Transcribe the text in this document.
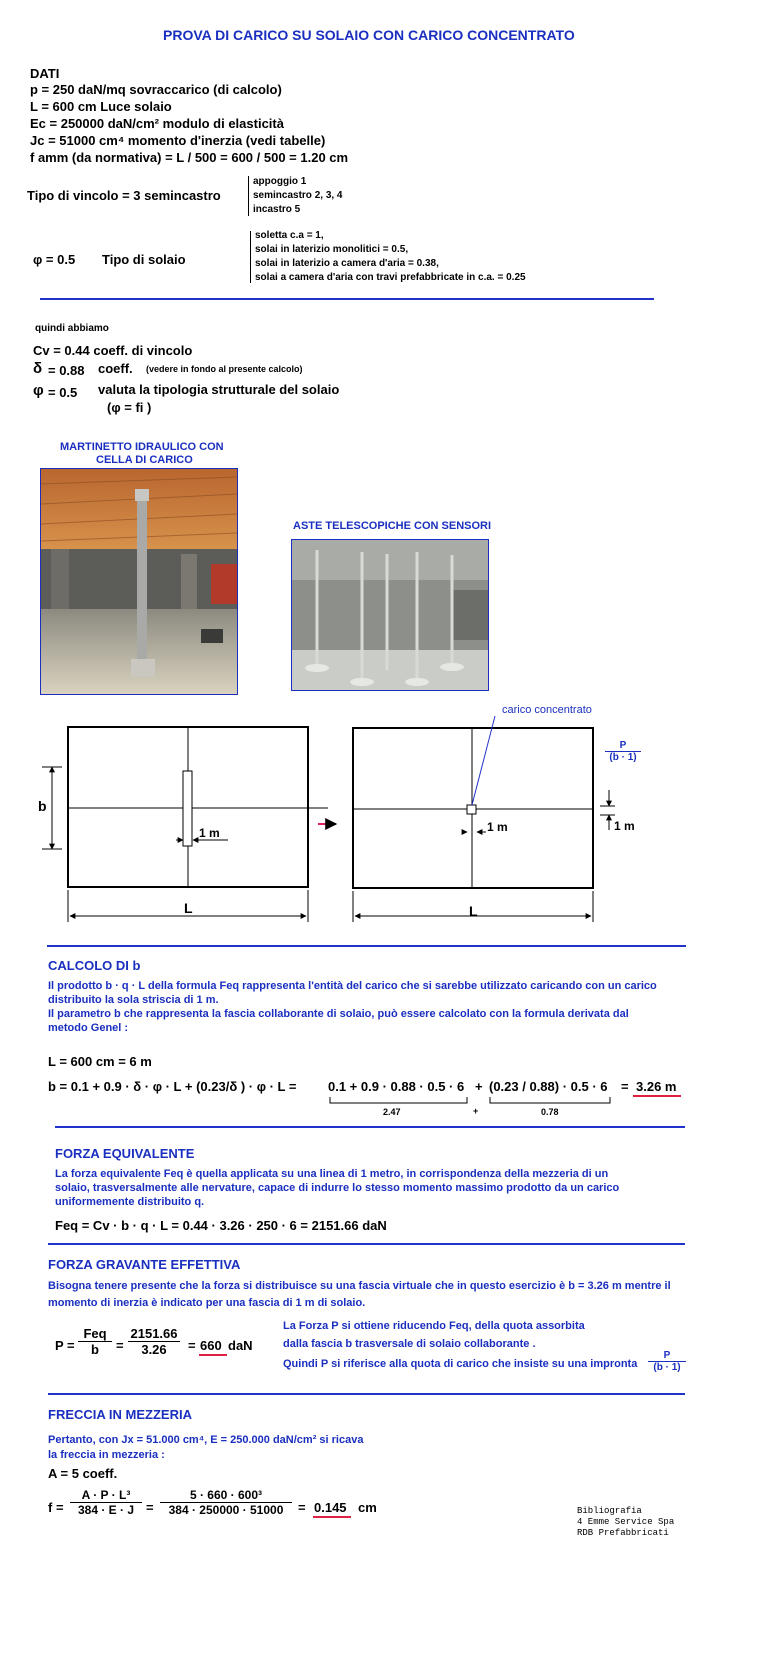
PROVA DI CARICO SU SOLAIO CON CARICO CONCENTRATO
DATI
p = 250 daN/mq sovraccarico (di calcolo)
L = 600 cm Luce solaio
Ec = 250000 daN/cm² modulo di elasticità
Jc = 51000 cm⁴ momento d'inerzia (vedi tabelle)
f amm (da normativa) = L / 500 = 600 / 500 = 1.20 cm
Tipo di vincolo = 3 semincastro
appoggio 1
semincastro 2, 3, 4
incastro 5
φ = 0.5 Tipo di solaio
soletta c.a = 1,
solai in laterizio monolitici = 0.5,
solai in laterizio a camera d'aria = 0.38,
solai a camera d'aria con travi prefabbricate in c.a. = 0.25
quindi abbiamo
Cv = 0.44 coeff. di vincolo
δ = 0.88 coeff. (vedere in fondo al presente calcolo)
φ = 0.5 valuta la tipologia strutturale del solaio
(φ = fi )
MARTINETTO IDRAULICO CON
CELLA DI CARICO
ASTE TELESCOPICHE CON SENSORI
b
1 m
L
carico concentrato
1 m
L
$\frac{P}{(b \cdot 1)}$
1 m
CALCOLO DI b
Il prodotto b · q · L della formula Feq rappresenta l'entità del carico che si sarebbe utilizzato caricando con un carico
distribuito la sola striscia di 1 m.
Il parametro b che rappresenta la fascia collaborante di solaio, può essere calcolato con la formula derivata dal
metodo Genel :
L = 600 cm = 6 m
b = 0.1 + 0.9 · δ · φ · L + (0.23/δ ) · φ · L = 0.1 + 0.9 · 0.88 · 0.5 · 6 + (0.23 / 0.88) · 0.5 · 6 = 3.26 m
2.47	+	0.78
FORZA EQUIVALENTE
La forza equivalente Feq è quella applicata su una linea di 1 metro, in corrispondenza della mezzeria di un
solaio, trasversalmente alle nervature, capace di indurre lo stesso momento massimo prodotto da un carico
uniformemente distribuito q.
Feq = Cv · b · q · L = 0.44 · 3.26 · 250 · 6 = 2151.66 daN
FORZA GRAVANTE EFFETTIVA
Bisogna tenere presente che la forza si distribuisce su una fascia virtuale che in questo esercizio è b = 3.26 m mentre il
momento di inerzia è indicato per una fascia di 1 m di solaio.
P =
Feq
b	= $\frac{2151.66}{3.26} = 660$ daN
La Forza P si ottiene riducendo Feq, della quota assorbita
dalla fascia b trasversale di solaio collaborante .
Quindi P si riferisce alla quota di carico che insiste su una impronta $\frac{P}{(b \cdot 1)}$
FRECCIA IN MEZZERIA
Pertanto, con Jx = 51.000 cm⁴, E = 250.000 daN/cm² si ricava
la freccia in mezzeria :
A = 5 coeff.
$f = \frac{\text{A · P · L³}}{384 \cdot E \cdot J} = \frac{\text{5 · 660 · 600³}}{384 \cdot 250000 \cdot 51000} = 0.145$ cm	Bibliografia
4 Emme Service Spa
RDB Prefabbricati
